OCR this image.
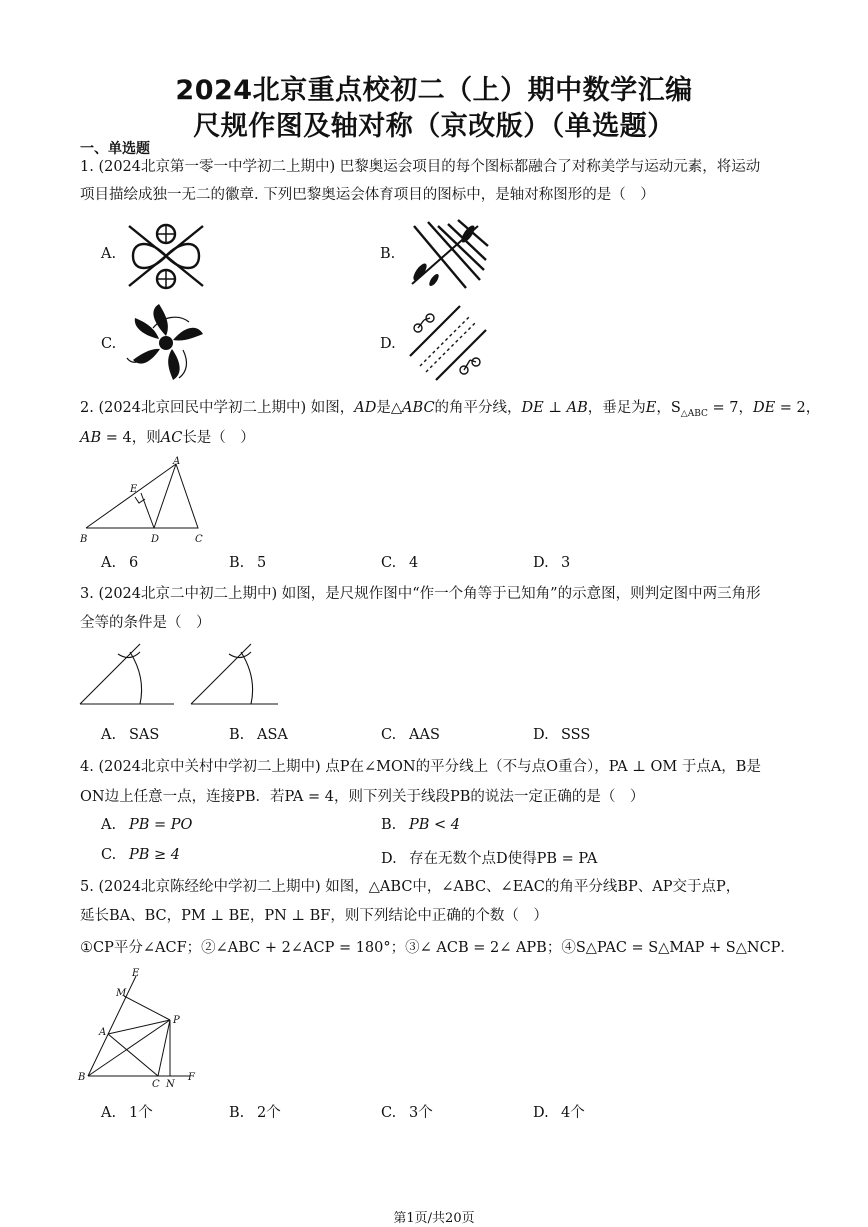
2024北京重点校初二（上）期中数学汇编
尺规作图及轴对称（京改版）（单选题）
一、单选题
1. (2024北京第一零一中学初二上期中) 巴黎奥运会项目的每个图标都融合了对称美学与运动元素，将运动
项目描绘成独一无二的徽章. 下列巴黎奥运会体育项目的图标中，是轴对称图形的是（　）
A.	B.
C.	D.
2. (2024北京回民中学初二上期中) 如图，AD是△ABC的角平分线，DE ⊥ AB，垂足为E，$S_{\triangle ABC} = 7$，DE = 2，
AB = 4，则AC长是（　）
A
E
B	D	C
A. 6	B. 5	C. 4	D. 3
3. (2024北京二中初二上期中) 如图，是尺规作图中“作一个角等于已知角”的示意图，则判定图中两三角形
全等的条件是（　）
A. SAS	B. ASA	C. AAS	D. SSS
4. (2024北京中关村中学初二上期中) 点P在∠MON的平分线上（不与点O重合），PA ⊥ OM 于点A，B是
ON边上任意一点，连接PB．若PA = 4，则下列关于线段PB的说法一定正确的是（　）
A. PB = PO	B. PB < 4
C. PB ≥ 4	D. 存在无数个点D使得PB = PA
5. (2024北京陈经纶中学初二上期中) 如图，△ABC中，∠ABC、∠EAC的角平分线BP、AP交于点P，
延长BA、BC，PM ⊥ BE，PN ⊥ BF，则下列结论中正确的个数（　）
①CP平分∠ACF；②∠ABC + 2∠ACP = 180°；③∠ ACB = 2∠ APB；④S△PAC = S△MAP + S△NCP．
E
M
P
A
B
C N
F
A. 1个	B. 2个	C. 3个	D. 4个
第1页/共20页
